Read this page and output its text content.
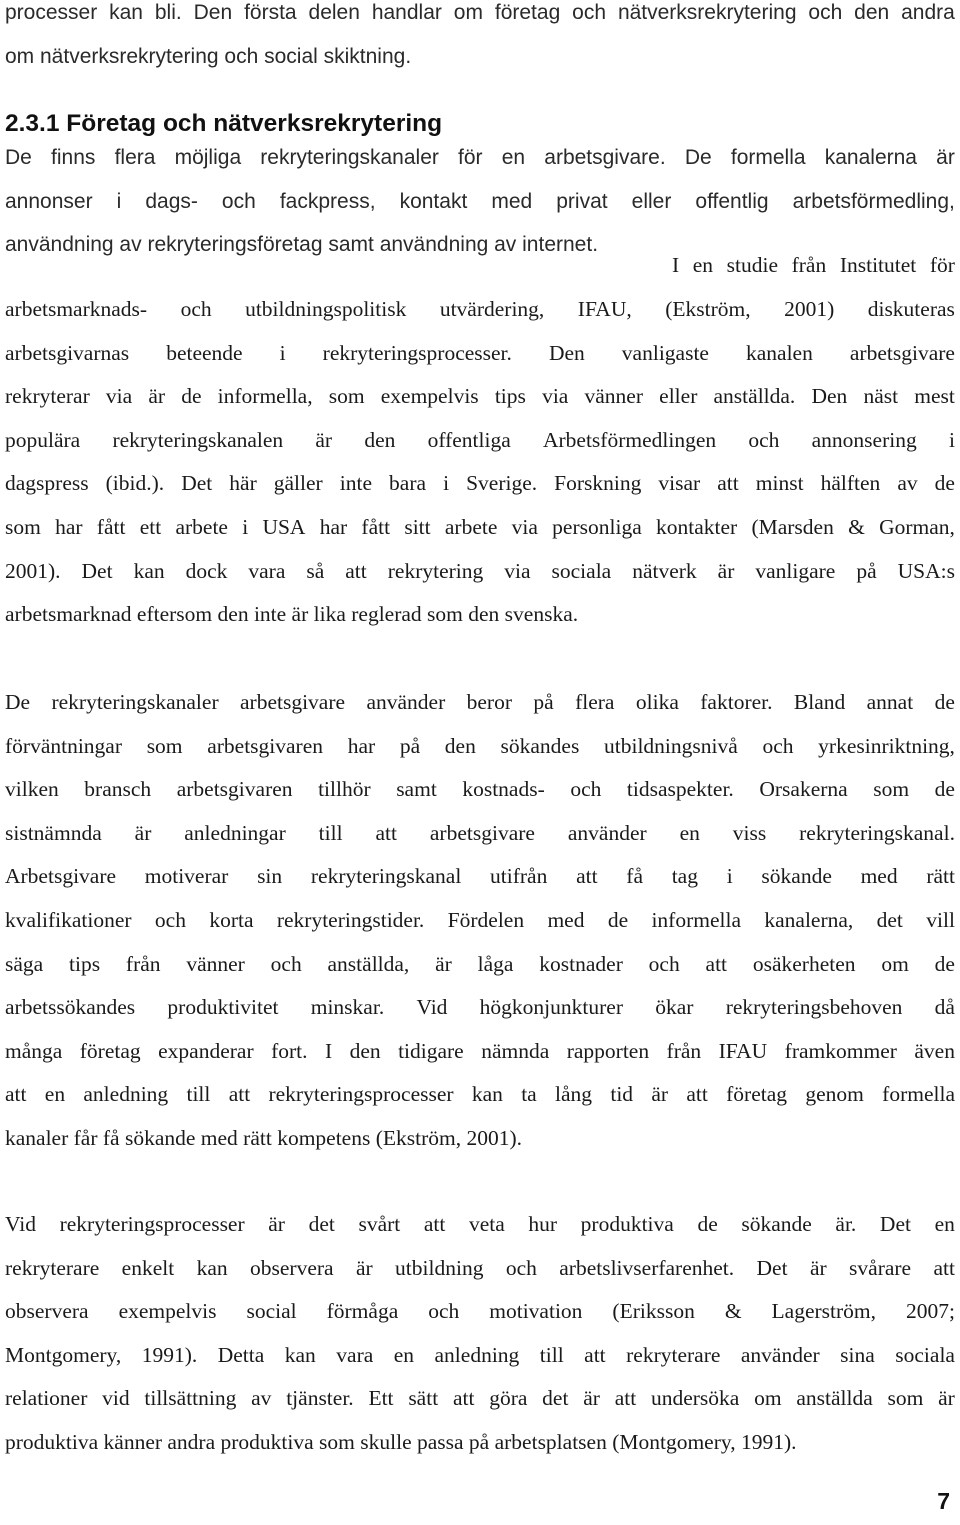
processer kan bli. Den första delen handlar om företag och nätverksrekrytering och den andra
om nätverksrekrytering och social skiktning.
2.3.1 Företag och nätverksrekrytering
De finns flera möjliga rekryteringskanaler för en arbetsgivare. De formella kanalerna är
annonser i dags- och fackpress, kontakt med privat eller offentlig arbetsförmedling,
användning av rekryteringsföretag samt användning av internet.
I en studie från Institutet för
arbetsmarknads- och utbildningspolitisk utvärdering, IFAU, (Ekström, 2001) diskuteras
arbetsgivarnas beteende i rekryteringsprocesser. Den vanligaste kanalen arbetsgivare
rekryterar via är de informella, som exempelvis tips via vänner eller anställda. Den näst mest
populära rekryteringskanalen är den offentliga Arbetsförmedlingen och annonsering i
dagspress (ibid.). Det här gäller inte bara i Sverige. Forskning visar att minst hälften av de
som har fått ett arbete i USA har fått sitt arbete via personliga kontakter (Marsden & Gorman,
2001). Det kan dock vara så att rekrytering via sociala nätverk är vanligare på USA:s
arbetsmarknad eftersom den inte är lika reglerad som den svenska.
De rekryteringskanaler arbetsgivare använder beror på flera olika faktorer. Bland annat de
förväntningar som arbetsgivaren har på den sökandes utbildningsnivå och yrkesinriktning,
vilken bransch arbetsgivaren tillhör samt kostnads- och tidsaspekter. Orsakerna som de
sistnämnda är anledningar till att arbetsgivare använder en viss rekryteringskanal.
Arbetsgivare motiverar sin rekryteringskanal utifrån att få tag i sökande med rätt
kvalifikationer och korta rekryteringstider. Fördelen med de informella kanalerna, det vill
säga tips från vänner och anställda, är låga kostnader och att osäkerheten om de
arbetssökandes produktivitet minskar. Vid högkonjunkturer ökar rekryteringsbehoven då
många företag expanderar fort. I den tidigare nämnda rapporten från IFAU framkommer även
att en anledning till att rekryteringsprocesser kan ta lång tid är att företag genom formella
kanaler får få sökande med rätt kompetens (Ekström, 2001).
Vid rekryteringsprocesser är det svårt att veta hur produktiva de sökande är. Det en
rekryterare enkelt kan observera är utbildning och arbetslivserfarenhet. Det är svårare att
observera exempelvis social förmåga och motivation (Eriksson & Lagerström, 2007;
Montgomery, 1991). Detta kan vara en anledning till att rekryterare använder sina sociala
relationer vid tillsättning av tjänster. Ett sätt att göra det är att undersöka om anställda som är
produktiva känner andra produktiva som skulle passa på arbetsplatsen (Montgomery, 1991).
7
